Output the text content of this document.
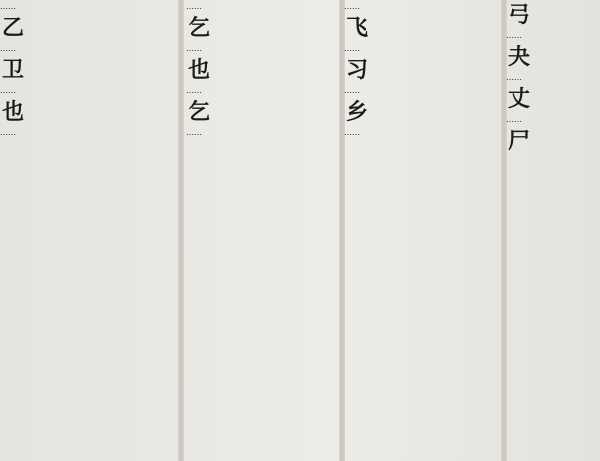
……
乙
……
卫
……
也
……
……
乞
……
也
……
乞
……
……
飞
……
习
……
乡
……
弓
……
夬
……
丈
……
尸
